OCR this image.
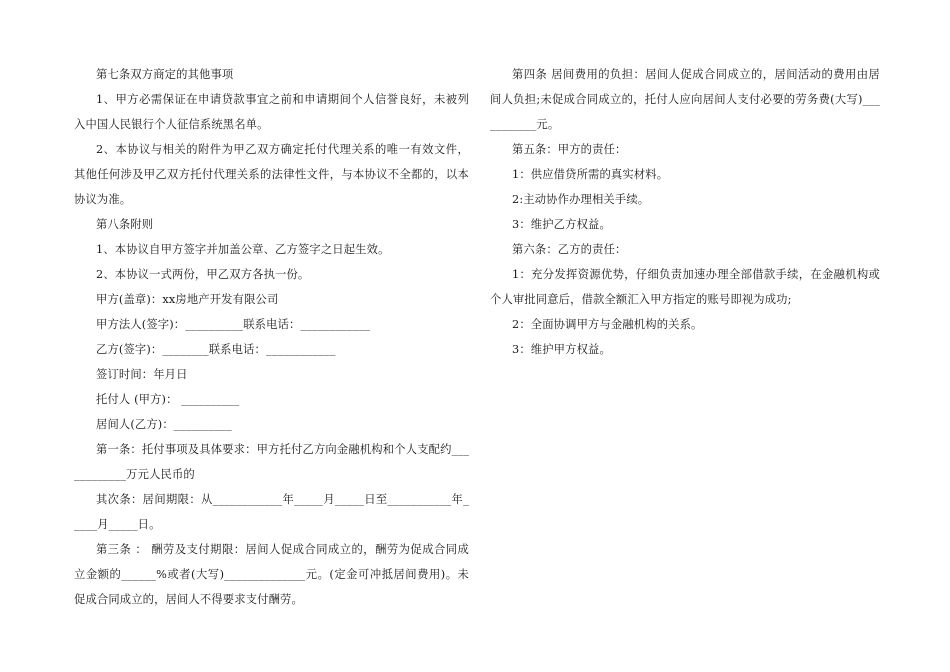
第七条双方商定的其他事项

1、甲方必需保证在申请贷款事宜之前和申请期间个人信誉良好，未被列入中国人民银行个人征信系统黑名单。

2、本协议与相关的附件为甲乙双方确定托付代理关系的唯一有效文件，其他任何涉及甲乙双方托付代理关系的法律性文件，与本协议不全都的，以本协议为准。

第八条附则

1、本协议自甲方签字并加盖公章、乙方签字之日起生效。

2、本协议一式两份，甲乙双方各执一份。

甲方(盖章)：xx房地产开发有限公司

甲方法人(签字)：__________联系电话：____________

乙方(签字)：________联系电话：____________

签订时间：年月日

托付人 (甲方)： __________

居间人(乙方)：__________

第一条：托付事项及具体要求：甲方托付乙方向金融机构和个人支配约____________万元人民币的

其次条：居间期限：从____________年_____月_____日至___________年_____月_____日。

第三条 ： 酬劳及支付期限：居间人促成合同成立的，酬劳为促成合同成立金额的______%或者(大写)______________元。(定金可冲抵居间费用)。未促成合同成立的，居间人不得要求支付酬劳。

第四条 居间费用的负担：居间人促成合同成立的，居间活动的费用由居间人负担;未促成合同成立的，托付人应向居间人支付必要的劳务费(大写)___________元。

第五条：甲方的责任：

1：供应借贷所需的真实材料。

2:主动协作办理相关手续。

3：维护乙方权益。

第六条：乙方的责任：

1：充分发挥资源优势，仔细负责加速办理全部借款手续，在金融机构或个人审批同意后，借款全额汇入甲方指定的账号即视为成功;

2：全面协调甲方与金融机构的关系。

3：维护甲方权益。
